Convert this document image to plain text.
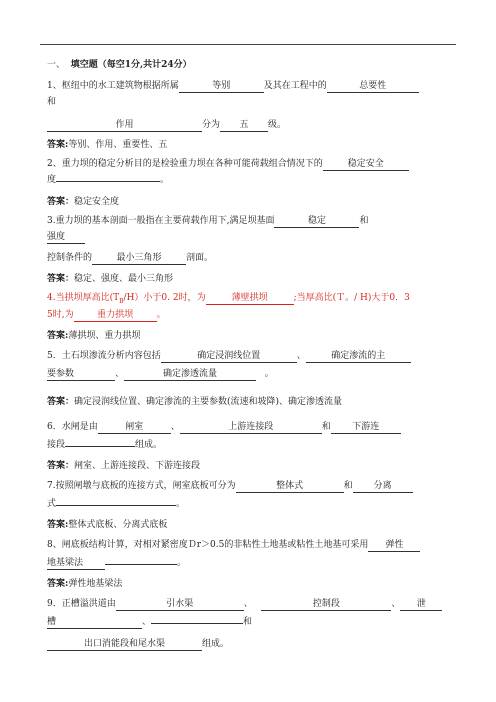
一、 填空题（每空1分,共计24分）
1、枢纽中的水工建筑物根据所属	等别	及其在工程中的	总要性
和
作用	分为 五 级。
答案:等别、作用、重要性、五
2、重力坝的稳定分析目的是检验重力坝在各种可能荷载组合情况下的	稳定安全
度	。
答案：稳定安全度
3.重力坝的基本剖面一般指在主要荷载作用下,满足坝基面	稳定	和
强度
控制条件的	最小三角形	剖面。
答案：稳定、强度、最小三角形
4.当拱坝厚高比$(T_B/H)$小于0. 2时，为	薄壁拱坝	;当厚高比(Ｔ。/ H)大于0．3
5时,为	重力拱坝	。
答案:薄拱坝、重力拱坝
5．土石坝渗流分析内容包括	确定浸润线位置	、	确定渗流的主
要参数	、	确定渗透流量	。
答案：确定浸润线位置、确定渗流的主要参数(流速和坡降)、确定渗透流量
6．水闸是由	闸室	、	上游连接段	和 下游连
接段	组成。
答案：闸室、上游连接段、下游连接段
7.按照闸墩与底板的连接方式，闸室底板可分为	整体式	和 分离
式	。
答案:整体式底板、分离式底板
8、闸底板结构计算，对相对紧密度Ｄr＞0.5的非粘性土地基或粘性土地基可采用 弹性
地基梁法	。
答案:弹性地基梁法
9．正槽溢洪道由	引水渠	、	控制段	、 泄
槽	、	和
出口消能段和尾水渠	组成。
